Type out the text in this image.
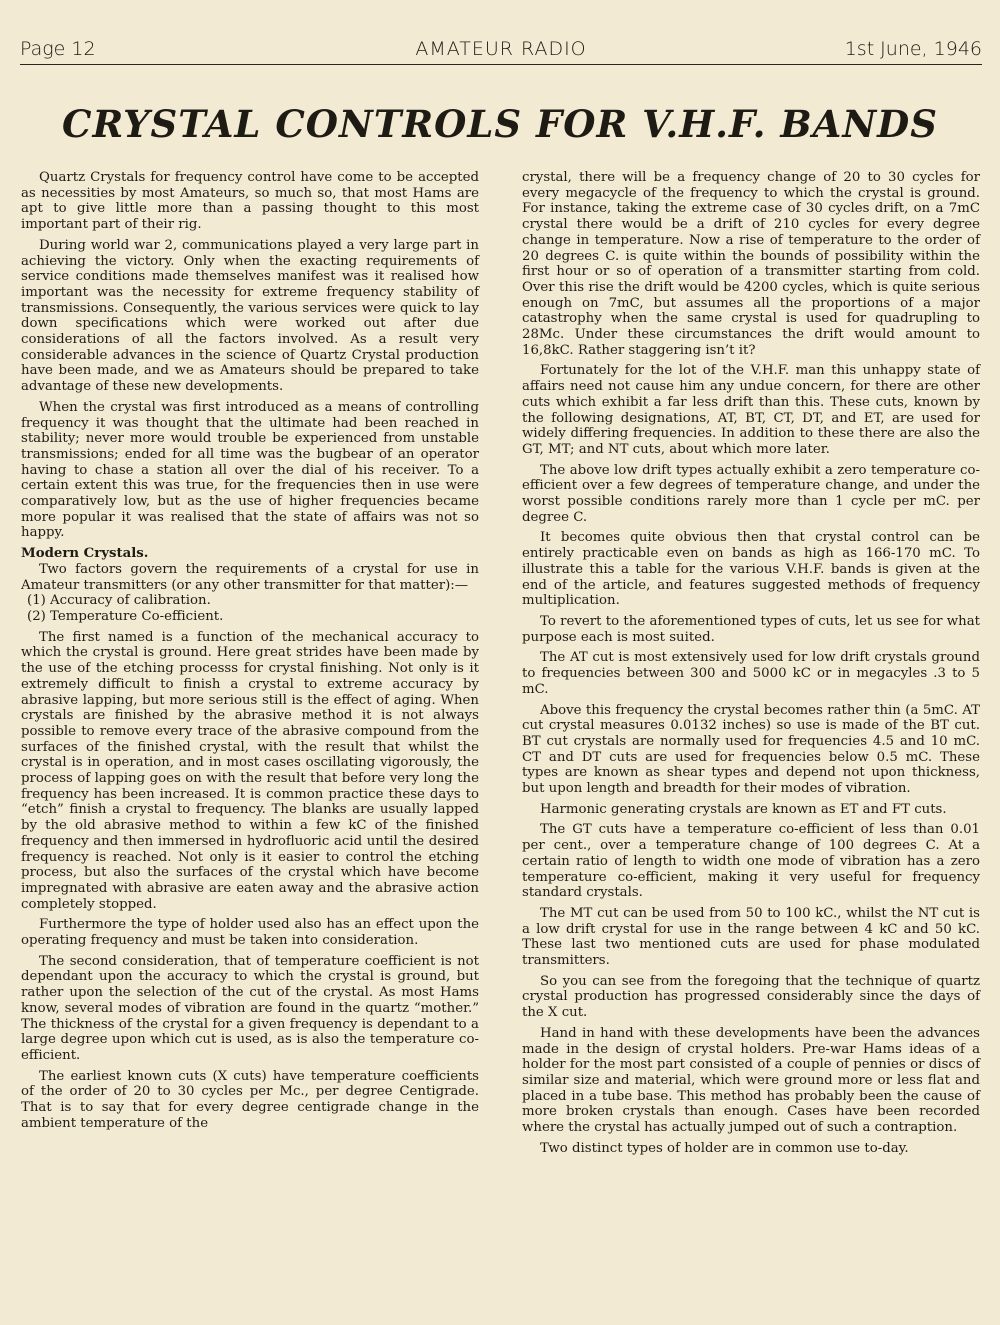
Page 12	AMATEUR RADIO	1st June, 1946
CRYSTAL CONTROLS FOR V.H.F. BANDS

Quartz Crystals for frequency control have come to be accepted as necessities by most Amateurs, so much so, that most Hams are apt to give little more than a passing thought to this most important part of their rig.

During world war 2, communications played a very large part in achieving the victory. Only when the exacting requirements of service conditions made themselves manifest was it realised how important was the necessity for extreme frequency stability of transmissions. Consequently, the various services were quick to lay down specifications which were worked out after due considerations of all the factors involved. As a result very considerable advances in the science of Quartz Crystal production have been made, and we as Amateurs should be prepared to take advantage of these new developments.

When the crystal was first introduced as a means of controlling frequency it was thought that the ultimate had been reached in stability; never more would trouble be experienced from unstable transmissions; ended for all time was the bugbear of an operator having to chase a station all over the dial of his receiver. To a certain extent this was true, for the frequencies then in use were comparatively low, but as the use of higher frequencies became more popular it was realised that the state of affairs was not so happy.

Modern Crystals.

Two factors govern the requirements of a crystal for use in Amateur transmitters (or any other transmitter for that matter):—

(1) Accuracy of calibration.
(2) Temperature Co-efficient.

The first named is a function of the mechanical accuracy to which the crystal is ground. Here great strides have been made by the use of the etching processs for crystal finishing. Not only is it extremely difficult to finish a crystal to extreme accuracy by abrasive lapping, but more serious still is the effect of aging. When crystals are finished by the abrasive method it is not always possible to remove every trace of the abrasive compound from the surfaces of the finished crystal, with the result that whilst the crystal is in operation, and in most cases oscillating vigorously, the process of lapping goes on with the result that before very long the frequency has been increased. It is common practice these days to “etch” finish a crystal to frequency. The blanks are usually lapped by the old abrasive method to within a few kC of the finished frequency and then immersed in hydrofluoric acid until the desired frequency is reached. Not only is it easier to control the etching process, but also the surfaces of the crystal which have become impregnated with abrasive are eaten away and the abrasive action completely stopped.

Furthermore the type of holder used also has an effect upon the operating frequency and must be taken into consideration.

The second consideration, that of temperature coefficient is not dependant upon the accuracy to which the crystal is ground, but rather upon the selection of the cut of the crystal. As most Hams know, several modes of vibration are found in the quartz “mother.” The thickness of the crystal for a given frequency is dependant to a large degree upon which cut is used, as is also the temperature co-efficient.

The earliest known cuts (X cuts) have temperature coefficients of the order of 20 to 30 cycles per Mc., per degree Centigrade. That is to say that for every degree centigrade change in the ambient temperature of the

crystal, there will be a frequency change of 20 to 30 cycles for every megacycle of the frequency to which the crystal is ground. For instance, taking the extreme case of 30 cycles drift, on a 7mC crystal there would be a drift of 210 cycles for every degree change in temperature. Now a rise of temperature to the order of 20 degrees C. is quite within the bounds of possibility within the first hour or so of operation of a transmitter starting from cold. Over this rise the drift would be 4200 cycles, which is quite serious enough on 7mC, but assumes all the proportions of a major catastrophy when the same crystal is used for quadrupling to 28Mc. Under these circumstances the drift would amount to 16,8kC. Rather staggering isn’t it?

Fortunately for the lot of the V.H.F. man this unhappy state of affairs need not cause him any undue concern, for there are other cuts which exhibit a far less drift than this. These cuts, known by the following designations, AT, BT, CT, DT, and ET, are used for widely differing frequencies. In addition to these there are also the GT, MT; and NT cuts, about which more later.

The above low drift types actually exhibit a zero temperature co-efficient over a few degrees of temperature change, and under the worst possible conditions rarely more than 1 cycle per mC. per degree C.

It becomes quite obvious then that crystal control can be entirely practicable even on bands as high as 166-170 mC. To illustrate this a table for the various V.H.F. bands is given at the end of the article, and features suggested methods of frequency multiplication.

To revert to the aforementioned types of cuts, let us see for what purpose each is most suited.

The AT cut is most extensively used for low drift crystals ground to frequencies between 300 and 5000 kC or in megacyles .3 to 5 mC.

Above this frequency the crystal becomes rather thin (a 5mC. AT cut crystal measures 0.0132 inches) so use is made of the BT cut. BT cut crystals are normally used for frequencies 4.5 and 10 mC. CT and DT cuts are used for frequencies below 0.5 mC. These types are known as shear types and depend not upon thickness, but upon length and breadth for their modes of vibration.

Harmonic generating crystals are known as ET and FT cuts.

The GT cuts have a temperature co-efficient of less than 0.01 per cent., over a temperature change of 100 degrees C. At a certain ratio of length to width one mode of vibration has a zero temperature co-efficient, making it very useful for frequency standard crystals.

The MT cut can be used from 50 to 100 kC., whilst the NT cut is a low drift crystal for use in the range between 4 kC and 50 kC. These last two mentioned cuts are used for phase modulated transmitters.

So you can see from the foregoing that the technique of quartz crystal production has progressed considerably since the days of the X cut.

Hand in hand with these developments have been the advances made in the design of crystal holders. Pre-war Hams ideas of a holder for the most part consisted of a couple of pennies or discs of similar size and material, which were ground more or less flat and placed in a tube base. This method has probably been the cause of more broken crystals than enough. Cases have been recorded where the crystal has actually jumped out of such a contraption.

Two distinct types of holder are in common use to-day.
